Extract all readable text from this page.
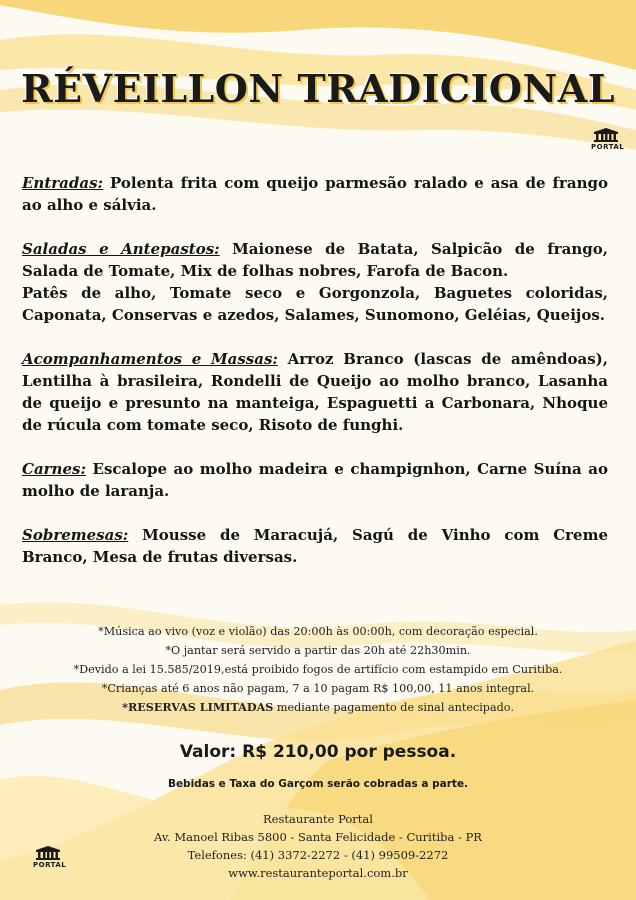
RÉVEILLON TRADICIONAL
PORTAL

Entradas: Polenta frita com queijo parmesão ralado e asa de frango ao alho e sálvia.

Saladas e Antepastos: Maionese de Batata, Salpicão de frango, Salada de Tomate, Mix de folhas nobres, Farofa de Bacon.
Patês de alho, Tomate seco e Gorgonzola, Baguetes coloridas, Caponata, Conservas e azedos, Salames, Sunomono, Geléias, Queijos.

Acompanhamentos e Massas: Arroz Branco (lascas de amêndoas), Lentilha à brasileira, Rondelli de Queijo ao molho branco, Lasanha de queijo e presunto na manteiga, Espaguetti a Carbonara, Nhoque de rúcula com tomate seco, Risoto de funghi.

Carnes: Escalope ao molho madeira e champignhon, Carne Suína ao molho de laranja.

Sobremesas: Mousse de Maracujá, Sagú de Vinho com Creme Branco, Mesa de frutas diversas.

*Música ao vivo (voz e violão) das 20:00h às 00:00h, com decoração especial.
*O jantar será servido a partir das 20h até 22h30min.
*Devido a lei 15.585/2019,está proibido fogos de artifício com estampido em Curitiba.
*Crianças até 6 anos não pagam, 7 a 10 pagam R$ 100,00, 11 anos integral.
*RESERVAS LIMITADAS mediante pagamento de sinal antecipado.
Valor: R$ 210,00 por pessoa.
Bebidas e Taxa do Garçom serão cobradas a parte.
Restaurante Portal
Av. Manoel Ribas 5800 - Santa Felicidade - Curitiba - PR
Telefones: (41) 3372-2272 - (41) 99509-2272
www.restauranteportal.com.br
PORTAL
